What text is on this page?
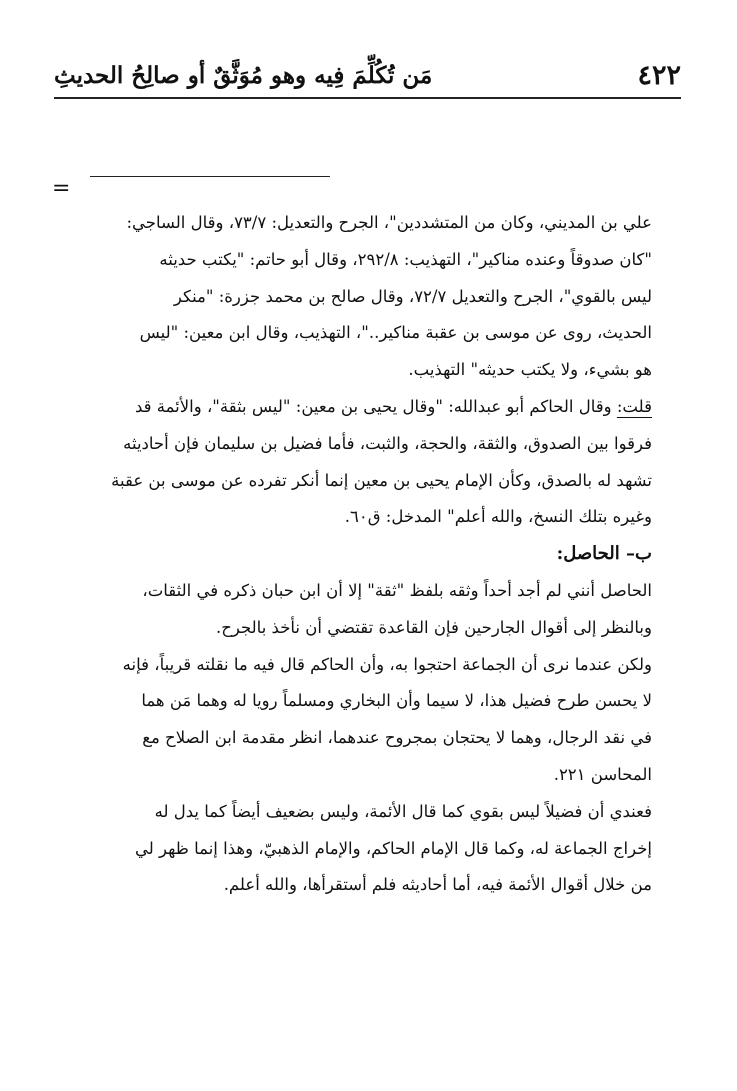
٤٢٢
مَن تُكُلِّمَ فِيه وهو مُوَثَّقٌ أو صالِحُ الحديثِ
=

علي بن المديني، وكان من المتشددين"، الجرح والتعديل: ٧٣/٧، وقال الساجي:

"كان صدوقاً وعنده مناكير"، التهذيب: ٢٩٢/٨، وقال أبو حاتم: "يكتب حديثه

ليس بالقوي"، الجرح والتعديل ٧٢/٧، وقال صالح بن محمد جزرة: "منكر

الحديث، روى عن موسى بن عقبة مناكير.."، التهذيب، وقال ابن معين: "ليس

هو بشيء، ولا يكتب حديثه" التهذيب.

قلت: وقال الحاكم أبو عبدالله: "وقال يحيى بن معين: "ليس بثقة"، والأئمة قد

فرقوا بين الصدوق، والثقة، والحجة، والثبت، فأما فضيل بن سليمان فإن أحاديثه

تشهد له بالصدق، وكأن الإمام يحيى بن معين إنما أنكر تفرده عن موسى بن عقبة

وغيره بتلك النسخ، والله أعلم" المدخل: ق٦٠.

ب– الحاصل:

الحاصل أنني لم أجد أحداً وثقه بلفظ "ثقة" إلا أن ابن حبان ذكره في الثقات،

وبالنظر إلى أقوال الجارحين فإن القاعدة تقتضي أن نأخذ بالجرح.

ولكن عندما نرى أن الجماعة احتجوا به، وأن الحاكم قال فيه ما نقلته قريباً، فإنه

لا يحسن طرح فضيل هذا، لا سيما وأن البخاري ومسلماً رويا له وهما مَن هما

في نقد الرجال، وهما لا يحتجان بمجروح عندهما، انظر مقدمة ابن الصلاح مع

المحاسن ٢٢١.

فعندي أن فضيلاً ليس بقوي كما قال الأئمة، وليس بضعيف أيضاً كما يدل له

إخراج الجماعة له، وكما قال الإمام الحاكم، والإمام الذهبيّ، وهذا إنما ظهر لي

من خلال أقوال الأئمة فيه، أما أحاديثه فلم أستقرأها، والله أعلم.
